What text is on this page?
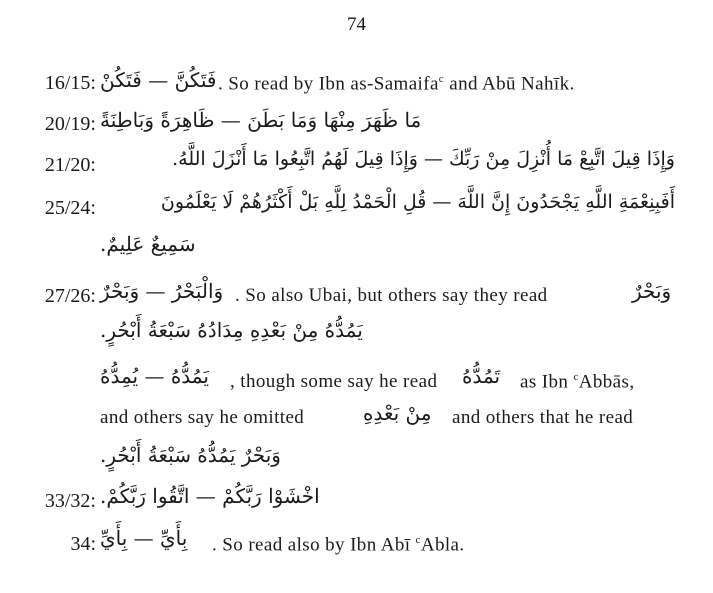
74
16/15: فَتَكُنَّ — فَتَكُنْ . So read by Ibn as-Samaifa$^c$ and Abū Nahīk.
20/19: مَا ظَهَرَ مِنْهَا وَمَا بَطَنَ — ظَاهِرَةً وَبَاطِنَةً
21/20:	وَإِذَا قِيلَ اتَّبِعْ مَا أُنْزِلَ مِنْ رَبِّكَ — وَإِذَا قِيلَ لَهُمُ اتَّبِعُوا مَا أَنْزَلَ اللَّهُ.
25/24:	أَفَبِنِعْمَةِ اللَّهِ يَجْحَدُونَ إِنَّ اللَّهَ — قُلِ الْحَمْدُ لِلَّهِ بَلْ أَكْثَرُهُمْ لَا يَعْلَمُونَ
سَمِيعٌ عَلِيمٌ.
27/26: وَالْبَحْرُ — وَبَحْرٌ . So also Ubai, but others say they read	وَبَحْرٌ
يَمُدُّهُ مِنْ بَعْدِهِ مِدَادُهُ سَبْعَةُ أَبْحُرٍ.
يَمُدُّهُ — يُمِدُّهُ , though some say he read تَمُدُّهُ as Ibn $^c$Abbās,
and others say he omitted	مِنْ بَعْدِهِ and others that he read
وَبَحْرٌ يَمُدُّهُ سَبْعَةُ أَبْحُرٍ.
33/32: اخْشَوْا رَبَّكُمْ — اتَّقُوا رَبَّكُمْ.
34: بِأَيِّ — بِأَيِّ . So read also by Ibn Abī $^c$Abla.
